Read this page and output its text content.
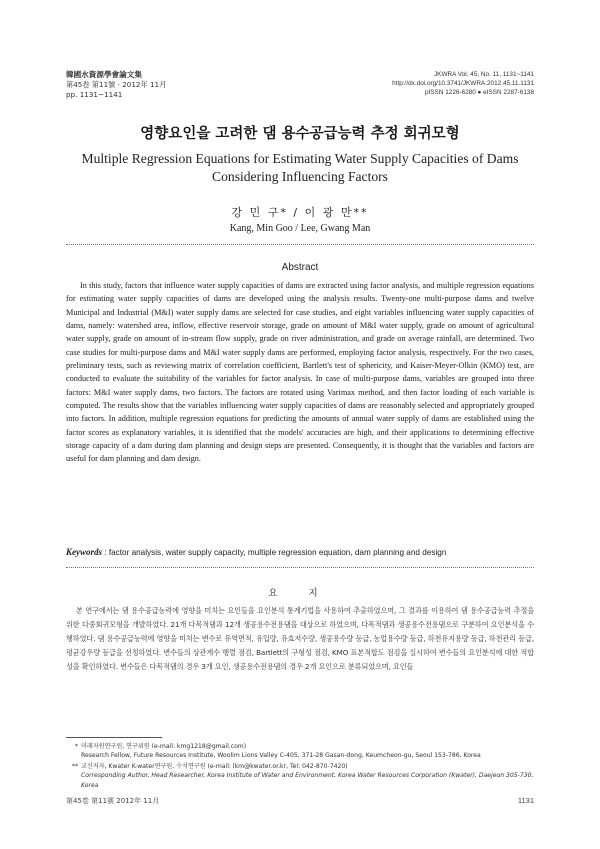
韓國水資源學會論文集
第45卷 第11號 · 2012年 11月
pp. 1131~1141
JKWRA Vol. 45, No. 11, 1131~1141
http://dx.doi.org/10.3741/JKWRA.2012.45.11.1131
pISSN 1226-6280 ● eISSN 2287-6138
영향요인을 고려한 댐 용수공급능력 추정 회귀모형
Multiple Regression Equations for Estimating Water Supply Capacities of Dams Considering Influencing Factors
강 민 구* / 이 광 만**
Kang, Min Goo / Lee, Gwang Man
Abstract
In this study, factors that influence water supply capacities of dams are extracted using factor analysis, and multiple regression equations for estimating water supply capacities of dams are developed using the analysis results. Twenty-one multi-purpose dams and twelve Municipal and Industrial (M&I) water supply dams are selected for case studies, and eight variables influencing water supply capacities of dams, namely: watershed area, inflow, effective reservoir storage, grade on amount of M&I water supply, grade on amount of agricultural water supply, grade on amount of in-stream flow supply, grade on river administration, and grade on average rainfall, are determined. Two case studies for multi-purpose dams and M&I water supply dams are performed, employing factor analysis, respectively. For the two cases, preliminary tests, such as reviewing matrix of correlation coefficient, Bartlett's test of sphericity, and Kaiser-Meyer-Olkin (KMO) test, are conducted to evaluate the suitability of the variables for factor analysis. In case of multi-purpose dams, variables are grouped into three factors: M&I water supply dams, two factors. The factors are rotated using Varimax method, and then factor loading of each variable is computed. The results show that the variables influencing water supply capacities of dams are reasonably selected and appropriately grouped into factors. In addition, multiple regression equations for predicting the amounts of annual water supply of dams are established using the factor scores as explanatory variables, it is identified that the models' accuracies are high, and their applications to determining effective storage capacity of a dam during dam planning and design steps are presented. Consequently, it is thought that the variables and factors are useful for dam planning and dam design.
Keywords : factor analysis, water supply capacity, multiple regression equation, dam planning and design
요 지
본 연구에서는 댐 용수공급능력에 영향을 미치는 요인들을 요인분석 통계기법을 사용하여 추출하였으며, 그 결과를 이용하여 댐 용수공급능력 추정을 위한 다중회귀모형을 개발하였다. 21개 다목적댐과 12개 생공용수전용댐을 대상으로 하였으며, 다목적댐과 생공용수전용댐으로 구분하여 요인분석을 수행하였다. 댐 용수공급능력에 영향을 미치는 변수로 유역면적, 유입량, 유효저수량, 생공용수량 등급, 농업용수량 등급, 하천유지용량 등급, 하천관리 등급, 평균강우량 등급을 선정하였다. 변수들의 상관계수 행렬 점검, Bartlett의 구형성 점검, KMO 표본적합도 점검을 실시하여 변수들의 요인분석에 대한 적합성을 확인하였다. 변수들은 다목적댐의 경우 3개 요인, 생공용수전용댐의 경우 2개 요인으로 분류되었으며, 요인들
* 미래자원연구원, 연구위원 (e-mail: kmg1218@gmail.com)
Research Fellow, Future Resources Institute, Woolim Lions Valley C-405, 371-28 Gasan-dong, Keumcheon-gu, Seoul 153-786, Korea
** 교신저자, Kwater K-water연구원, 수석연구원 (e-mail: lkm@kwater.or.kr, Tel: 042-870-7420)
Corresponding Author, Head Researcher, Korea Institute of Water and Environment, Korea Water Resources Corporation (Kwater), Daejeon 305-730, Korea
第45卷 第11號 2012年 11月	1131
